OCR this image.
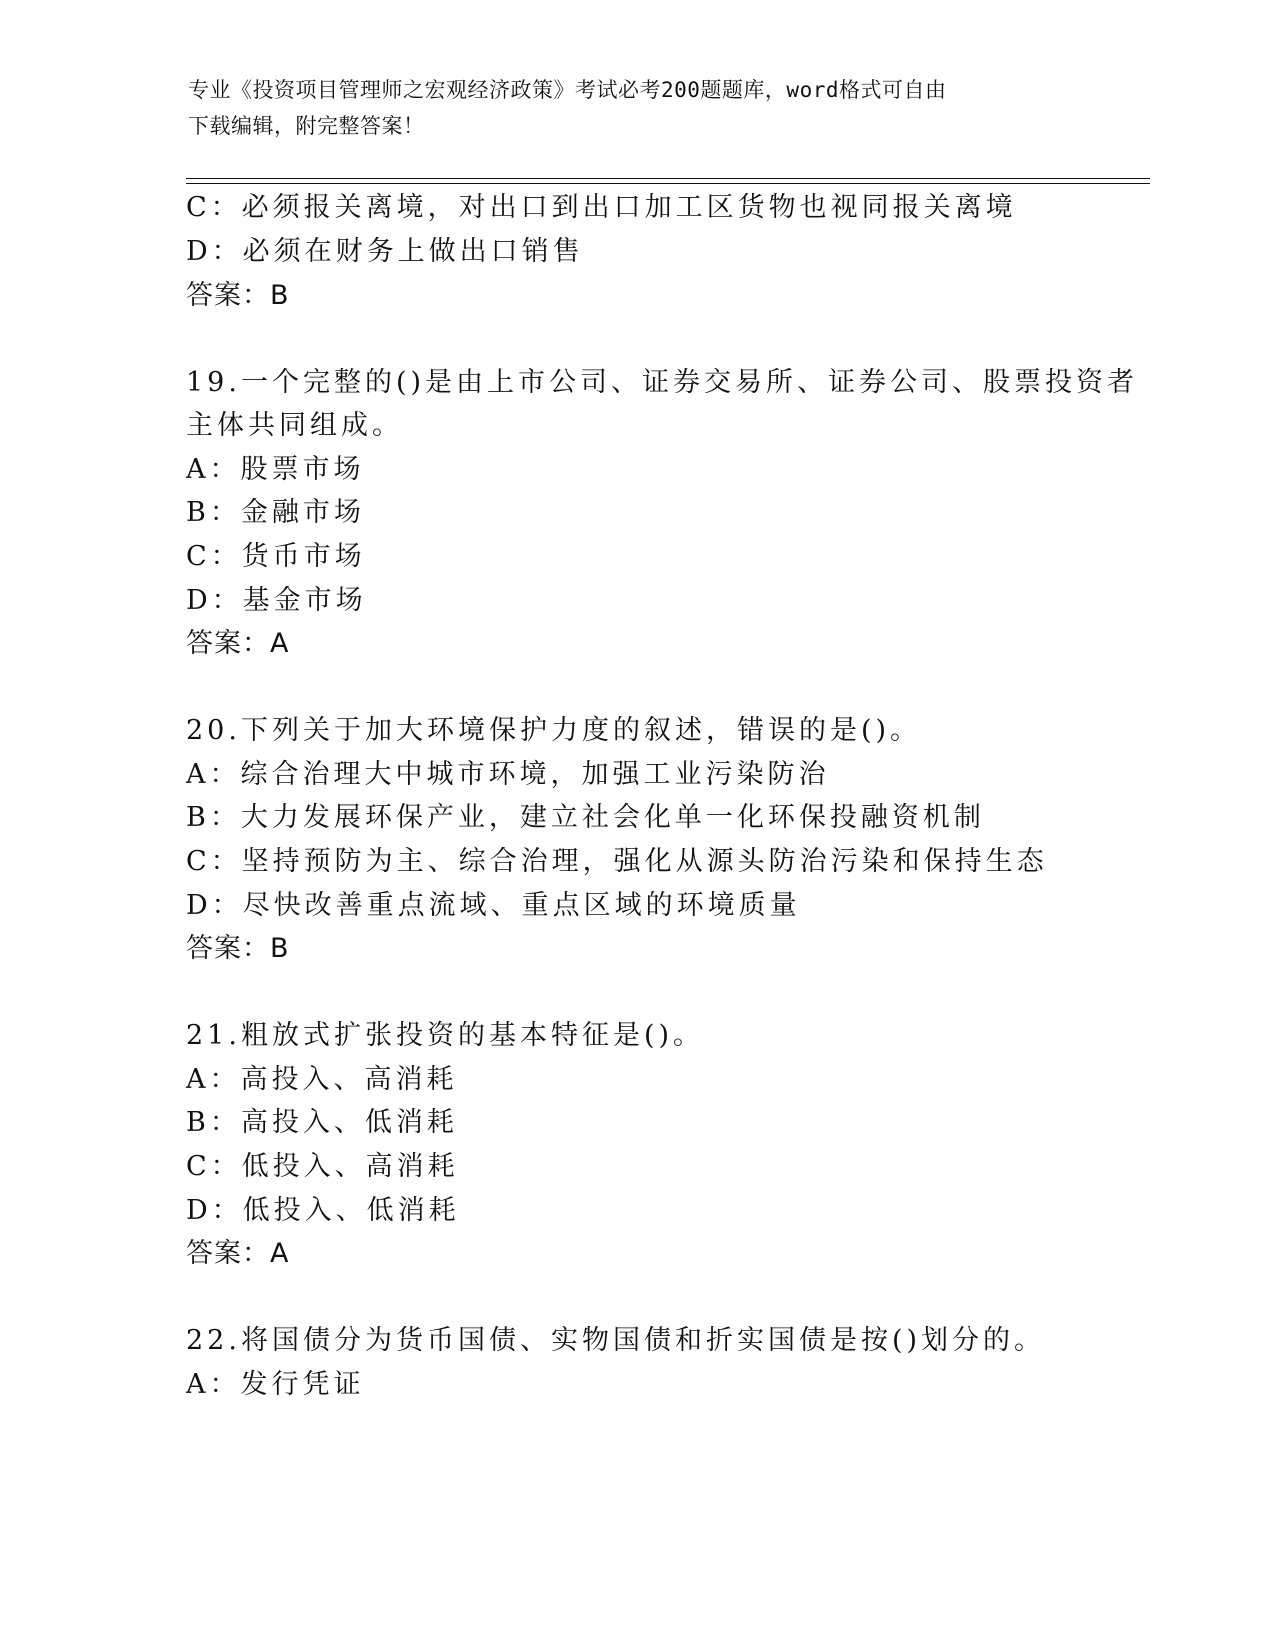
专业《投资项目管理师之宏观经济政策》考试必考200题题库，word格式可自由
下载编辑，附完整答案！
C：必须报关离境，对出口到出口加工区货物也视同报关离境
D：必须在财务上做出口销售
答案：B
19.一个完整的()是由上市公司、证券交易所、证券公司、股票投资者
主体共同组成。
A：股票市场
B：金融市场
C：货币市场
D：基金市场
答案：A
20.下列关于加大环境保护力度的叙述，错误的是()。
A：综合治理大中城市环境，加强工业污染防治
B：大力发展环保产业，建立社会化单一化环保投融资机制
C：坚持预防为主、综合治理，强化从源头防治污染和保持生态
D：尽快改善重点流域、重点区域的环境质量
答案：B
21.粗放式扩张投资的基本特征是()。
A：高投入、高消耗
B：高投入、低消耗
C：低投入、高消耗
D：低投入、低消耗
答案：A
22.将国债分为货币国债、实物国债和折实国债是按()划分的。
A：发行凭证
